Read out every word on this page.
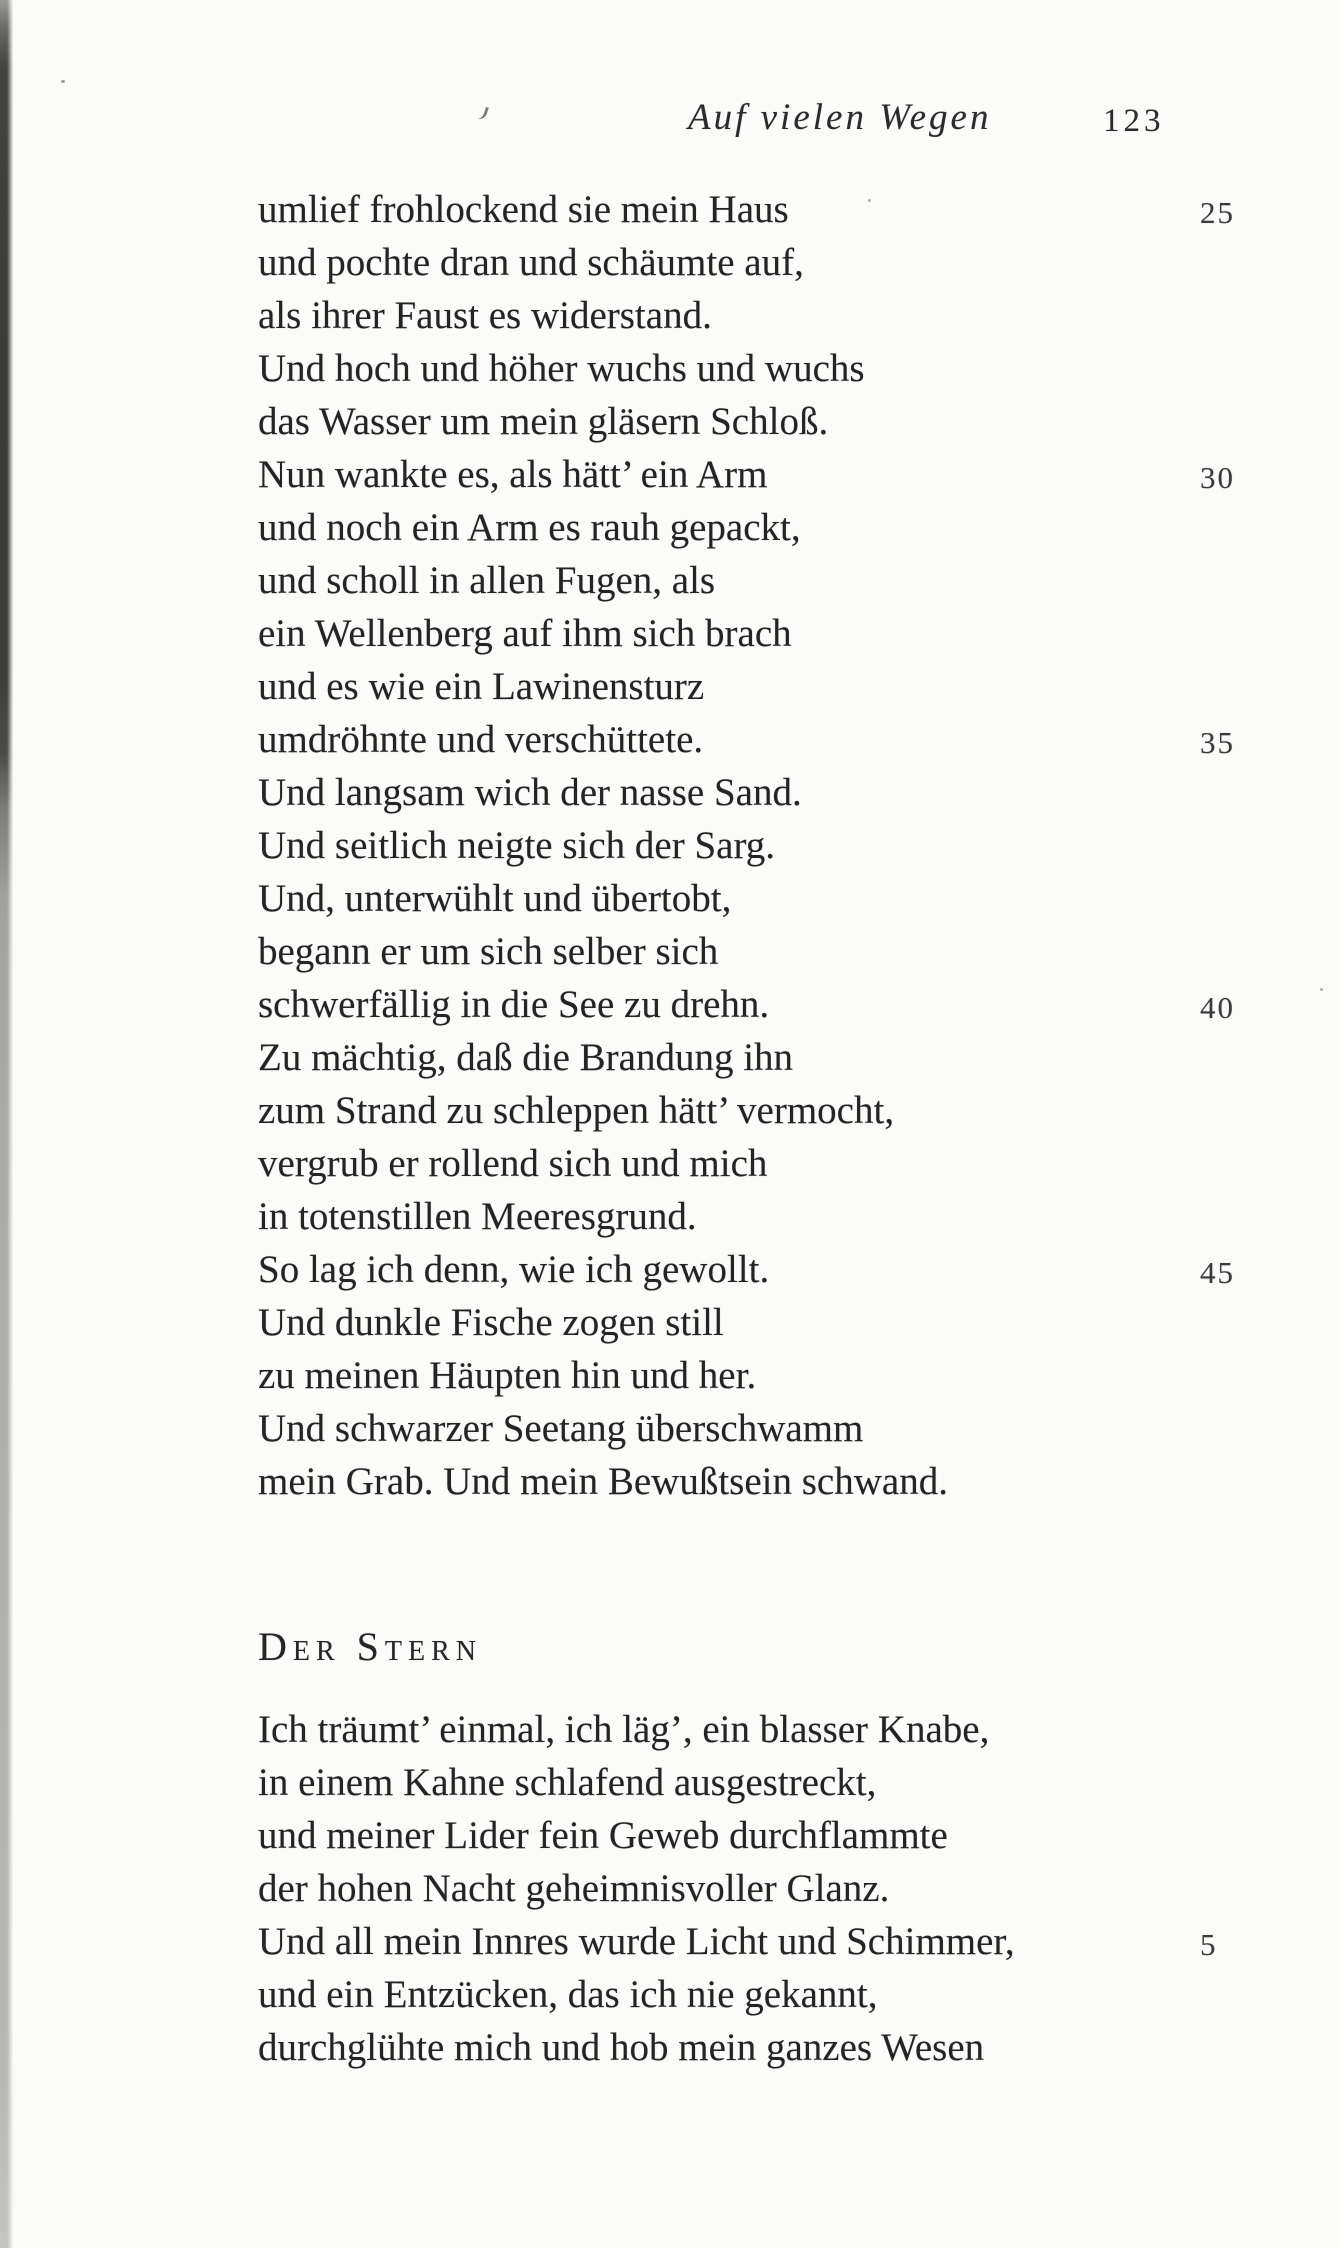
Auf vielen Wegen	123
umlief frohlockend sie mein Haus	25
und pochte dran und schäumte auf,
als ihrer Faust es widerstand.
Und hoch und höher wuchs und wuchs
das Wasser um mein gläsern Schloß.
Nun wankte es, als hätt’ ein Arm	30
und noch ein Arm es rauh gepackt,
und scholl in allen Fugen, als
ein Wellenberg auf ihm sich brach
und es wie ein Lawinensturz
umdröhnte und verschüttete.	35
Und langsam wich der nasse Sand.
Und seitlich neigte sich der Sarg.
Und, unterwühlt und übertobt,
begann er um sich selber sich
schwerfällig in die See zu drehn.	40
Zu mächtig, daß die Brandung ihn
zum Strand zu schleppen hätt’ vermocht,
vergrub er rollend sich und mich
in totenstillen Meeresgrund.
So lag ich denn, wie ich gewollt.	45
Und dunkle Fische zogen still
zu meinen Häupten hin und her.
Und schwarzer Seetang überschwamm
mein Grab. Und mein Bewußtsein schwand.
Der Stern
Ich träumt’ einmal, ich läg’, ein blasser Knabe,
in einem Kahne schlafend ausgestreckt,
und meiner Lider fein Geweb durchflammte
der hohen Nacht geheimnisvoller Glanz.
Und all mein Innres wurde Licht und Schimmer,	5
und ein Entzücken, das ich nie gekannt,
durchglühte mich und hob mein ganzes Wesen
